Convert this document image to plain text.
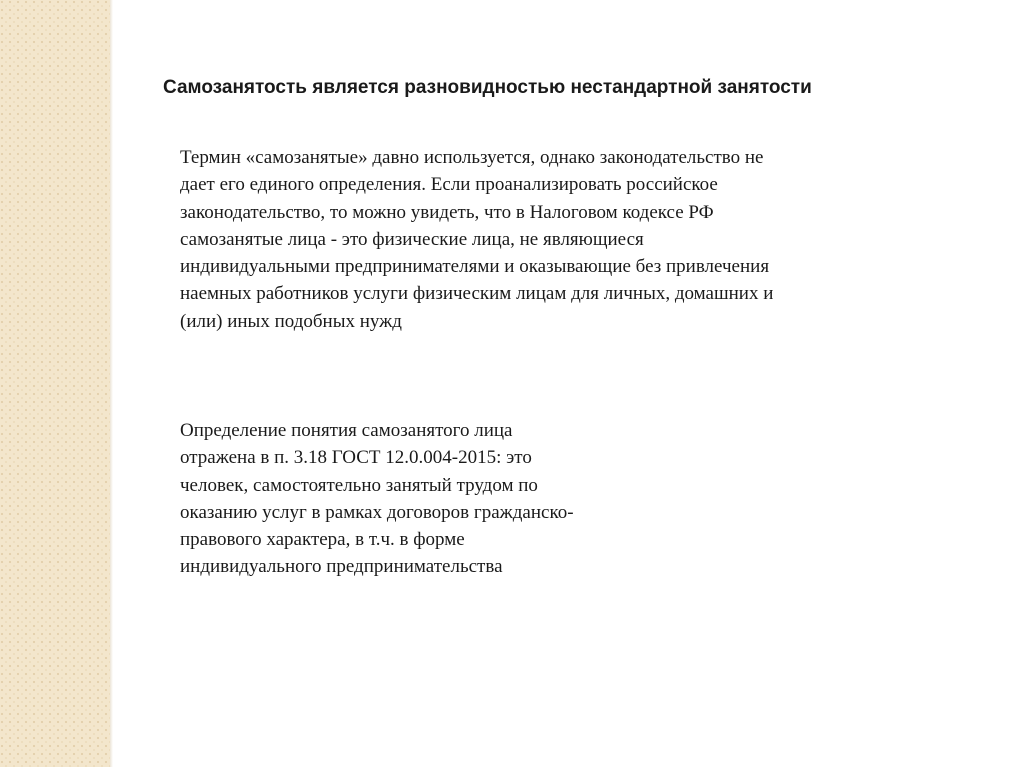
Самозанятость является разновидностью нестандартной занятости

Термин «самозанятые» давно используется, однако законодательство не
дает его единого определения. Если проанализировать российское
законодательство, то можно увидеть, что в Налоговом кодексе РФ
самозанятые лица - это физические лица, не являющиеся
индивидуальными предпринимателями и оказывающие без привлечения
наемных работников услуги физическим лицам для личных, домашних и
(или) иных подобных нужд

Определение понятия самозанятого лица
отражена в п. 3.18 ГОСТ 12.0.004-2015: это
человек, самостоятельно занятый трудом по
оказанию услуг в рамках договоров гражданско-
правового характера, в т.ч. в форме
индивидуального предпринимательства
